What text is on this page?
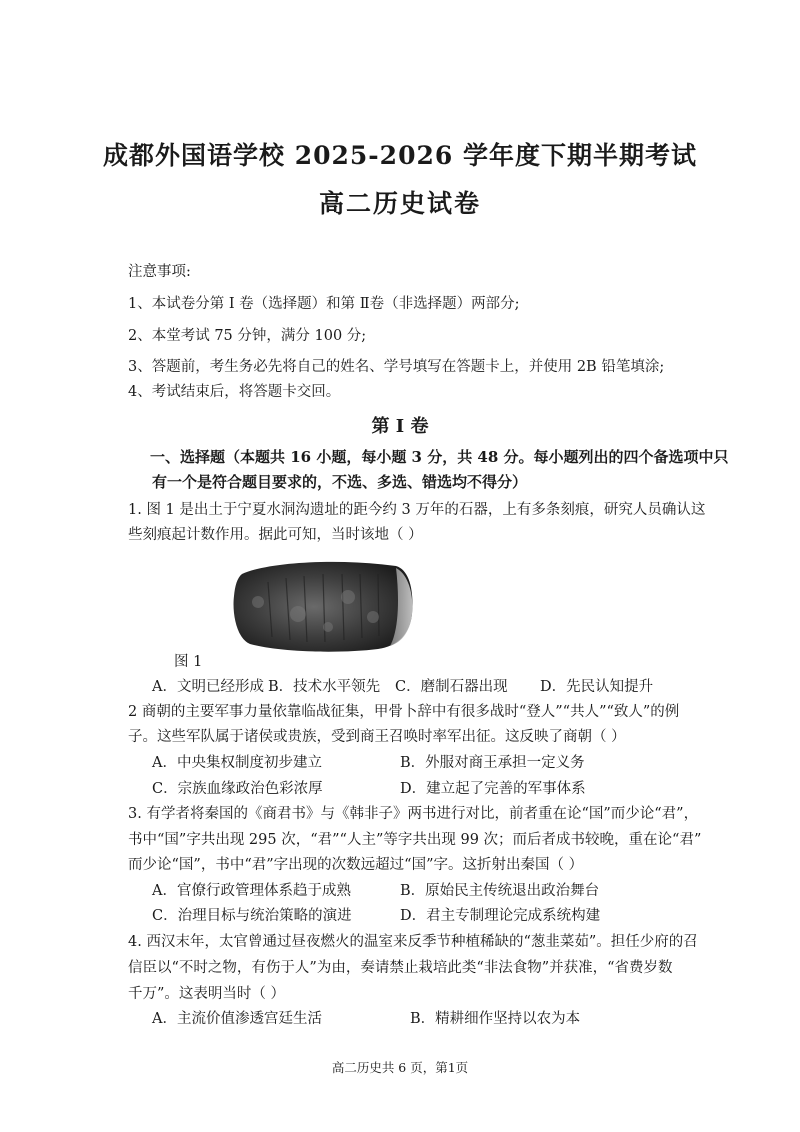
成都外国语学校 2025-2026 学年度下期半期考试
高二历史试卷
注意事项:
1、本试卷分第 I 卷（选择题）和第 Ⅱ卷（非选择题）两部分;
2、本堂考试 75 分钟，满分 100 分;
3、答题前，考生务必先将自己的姓名、学号填写在答题卡上，并使用 2B 铅笔填涂;
4、考试结束后，将答题卡交回。
第 I 卷
一、选择题（本题共 16 小题，每小题 3 分，共 48 分。每小题列出的四个备选项中只
有一个是符合题目要求的，不选、多选、错选均不得分）
1. 图 1 是出土于宁夏水洞沟遗址的距今约 3 万年的石器，上有多条刻痕，研究人员确认这
些刻痕起计数作用。据此可知，当时该地（ ）
图 1
A．文明已经形成 B．技术水平领先 C．磨制石器出现 D．先民认知提升
2 商朝的主要军事力量依靠临战征集，甲骨卜辞中有很多战时“登人”“共人”“致人”的例
子。这些军队属于诸侯或贵族，受到商王召唤时率军出征。这反映了商朝（ ）
A．中央集权制度初步建立	B．外服对商王承担一定义务
C．宗族血缘政治色彩浓厚	D．建立起了完善的军事体系
3. 有学者将秦国的《商君书》与《韩非子》两书进行对比，前者重在论“国”而少论“君”，
书中“国”字共出现 295 次，“君”“人主”等字共出现 99 次；而后者成书较晚，重在论“君”
而少论“国”，书中“君”字出现的次数远超过“国”字。这折射出秦国（ ）
A．官僚行政管理体系趋于成熟	B．原始民主传统退出政治舞台
C．治理目标与统治策略的演进	D．君主专制理论完成系统构建
4. 西汉末年，太官曾通过昼夜燃火的温室来反季节种植稀缺的“葱韭菜茹”。担任少府的召
信臣以“不时之物，有伤于人”为由，奏请禁止栽培此类“非法食物”并获准，“省费岁数
千万”。这表明当时（ ）
A．主流价值渗透宫廷生活	B．精耕细作坚持以农为本
高二历史共 6 页，第1页
